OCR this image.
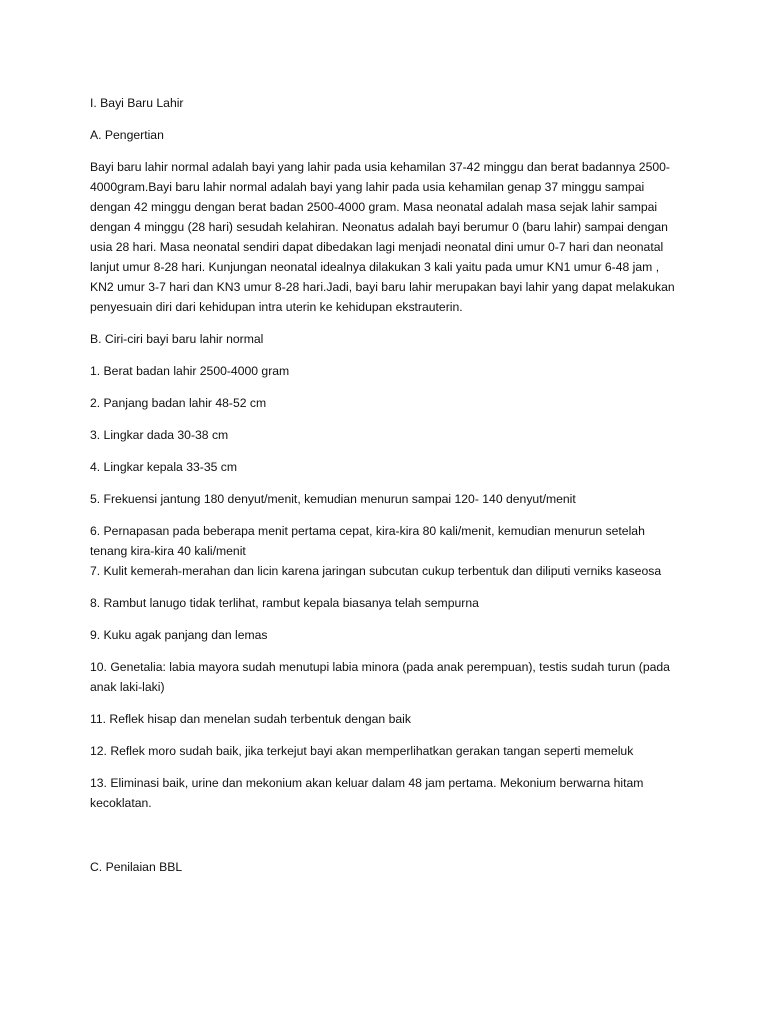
I. Bayi Baru Lahir

A. Pengertian

Bayi baru lahir normal adalah bayi yang lahir pada usia kehamilan 37-42 minggu dan berat badannya 2500-4000gram.Bayi baru lahir normal adalah bayi yang lahir pada usia kehamilan genap 37 minggu sampai dengan 42 minggu dengan berat badan 2500-4000 gram. Masa neonatal adalah masa sejak lahir sampai dengan 4 minggu (28 hari) sesudah kelahiran. Neonatus adalah bayi berumur 0 (baru lahir) sampai dengan usia 28 hari. Masa neonatal sendiri dapat dibedakan lagi menjadi neonatal dini umur 0-7 hari dan neonatal lanjut umur 8-28 hari. Kunjungan neonatal idealnya dilakukan 3 kali yaitu pada umur KN1 umur 6-48 jam , KN2 umur 3-7 hari dan KN3 umur 8-28 hari.Jadi, bayi baru lahir merupakan bayi lahir yang dapat melakukan penyesuain diri dari kehidupan intra uterin ke kehidupan ekstrauterin.

B. Ciri-ciri bayi baru lahir normal

1. Berat badan lahir 2500-4000 gram

2. Panjang badan lahir 48-52 cm

3. Lingkar dada 30-38 cm

4. Lingkar kepala 33-35 cm

5. Frekuensi jantung 180 denyut/menit, kemudian menurun sampai 120- 140 denyut/menit

6. Pernapasan pada beberapa menit pertama cepat, kira-kira 80 kali/menit, kemudian menurun setelah tenang kira-kira 40 kali/menit

7. Kulit kemerah-merahan dan licin karena jaringan subcutan cukup terbentuk dan diliputi verniks kaseosa

8. Rambut lanugo tidak terlihat, rambut kepala biasanya telah sempurna

9. Kuku agak panjang dan lemas

10. Genetalia: labia mayora sudah menutupi labia minora (pada anak perempuan), testis sudah turun (pada anak laki-laki)

11. Reflek hisap dan menelan sudah terbentuk dengan baik

12. Reflek moro sudah baik, jika terkejut bayi akan memperlihatkan gerakan tangan seperti memeluk

13. Eliminasi baik, urine dan mekonium akan keluar dalam 48 jam pertama. Mekonium berwarna hitam kecoklatan.

C. Penilaian BBL
